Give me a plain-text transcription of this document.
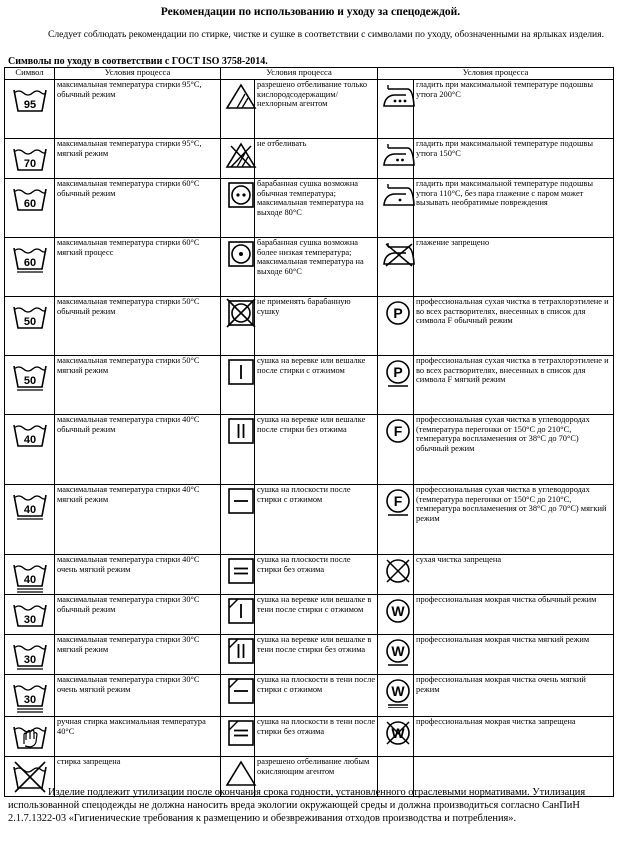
Рекомендации по использованию и уходу за спецодеждой.
Следует соблюдать рекомендации по стирке, чистке и сушке в соответствии с символами по уходу, обозначенными на ярлыках изделия.
Символы по уходу в соответствии с ГОСТ ISO 3758-2014.
Символ	Условия процесса	Условия процесса		Условия процесса	

95	максимальная температура стирки 95°С, обычный режим		разрешено отбеливание только кислородсодержащим/нехлорным агентом		гладить при максимальной температуре подошвы утюга 200°С

70	максимальная температура стирки 95°С, мягкий режим		не отбеливать		гладить при максимальной температуре подошвы утюга 150°С

60	максимальная температура стирки 60°С обычный режим		барабанная сушка возможна обычная температура; максимальная температура на выходе 80°С		гладить при максимальной температуре подошвы утюга 110°С, без пара глажение с паром может вызывать необратимые повреждения

60	максимальная температура стирки 60°С мягкий процесс		барабанная сушка возможна более низкая температура; максимальная температура на выходе 60°С		глажение запрещено

50	максимальная температура стирки 50°С обычный режим		не применять барабанную сушку	P	профессиональная сухая чистка в тетрахлорэтилене и во всех растворителях, внесенных в список для символа F обычный режим

50	максимальная температура стирки 50°С мягкий режим		сушка на веревке или вешалке после стирки с отжимом	P	профессиональная сухая чистка в тетрахлорэтилене и во всех растворителях, внесенных в список для символа F мягкий режим

40	максимальная температура стирки 40°С обычный режим		сушка на веревке или вешалке после стирки без отжима	F	профессиональная сухая чистка в углеводородах (температура перегонки от 150°С до 210°С, температура воспламенения от 38°С до 70°С) обычный режим

40	максимальная температура стирки 40°С мягкий режим		сушка на плоскости после стирки с отжимом	F	профессиональная сухая чистка в углеводородах (температура перегонки от 150°С до 210°С, температура воспламенения от 38°С до 70°С) мягкий режим

40	максимальная температура стирки 40°С очень мягкий режим		сушка на плоскости после стирки без отжима		сухая чистка запрещена

30	максимальная температура стирки 30°С обычный режим		сушка на веревке или вешалке в тени после стирки с отжимом	W	профессиональная мокрая чистка обычный режим

30	максимальная температура стирки 30°С мягкий режим		сушка на веревке или вешалке в тени после стирки без отжима	W	профессиональная мокрая чистка мягкий режим

30	максимальная температура стирки 30°С очень мягкий режим		сушка на плоскости в тени после стирки с отжимом	W	профессиональная мокрая чистка очень мягкий режим

	ручная стирка максимальная температура 40°С		сушка на плоскости в тени после стирки без отжима	W	профессиональная мокрая чистка запрещена

	стирка запрещена		разрешено отбеливание любым окисляющим агентом	

Изделие подлежит утилизации после окончания срока годности, установленного отраслевыми нормативами. Утилизация использованной спецодежды не должна наносить вреда экологии окружающей среды и должна производиться согласно СанПиН 2.1.7.1322-03 «Гигиенические требования к размещению и обезвреживания отходов производства и потребления».
